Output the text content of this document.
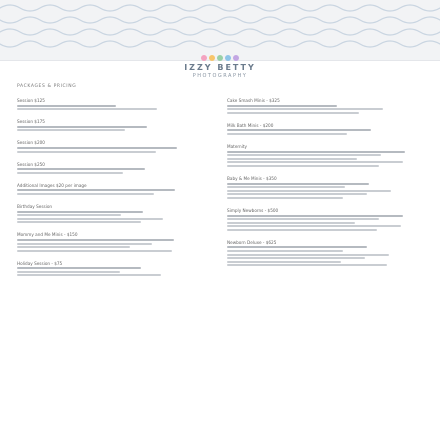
IZZY BETTY
PHOTOGRAPHY
PACKAGES & PRICING
Session $125
Session $175
Session $200
Session $250
Additional Images $20 per image
Birthday Session
Mommy and Me Minis - $150
Holiday Session - $75
Cake Smash Minis - $325
Milk Bath Minis - $200
Maternity
Baby & Me Minis - $350
Simply Newborns - $500
Newborn Deluxe - $625
